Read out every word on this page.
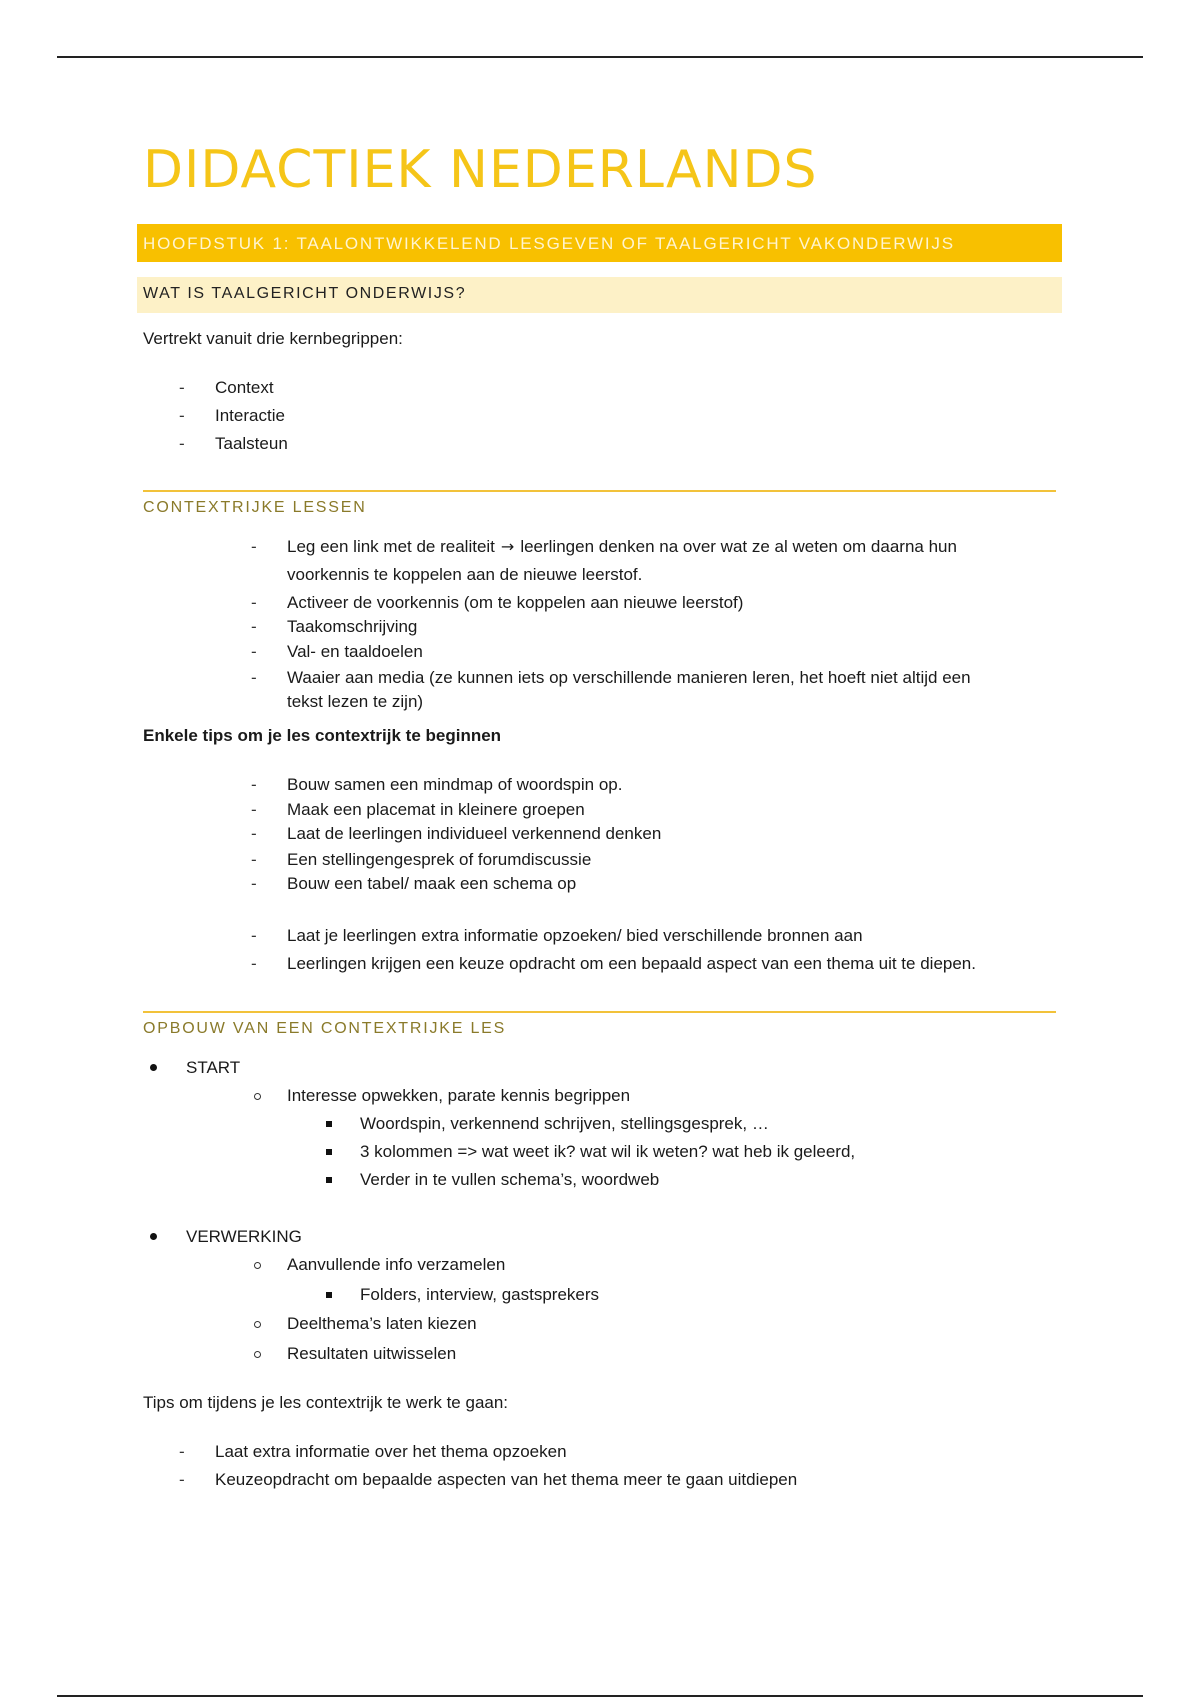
DIDACTIEK NEDERLANDS
HOOFDSTUK 1: TAALONTWIKKELEND LESGEVEN OF TAALGERICHT VAKONDERWIJS
WAT IS TAALGERICHT ONDERWIJS?
Vertrekt vanuit drie kernbegrippen:
- Context
- Interactie
- Taalsteun
CONTEXTRIJKE LESSEN
- Leg een link met de realiteit → leerlingen denken na over wat ze al weten om daarna hun
voorkennis te koppelen aan de nieuwe leerstof.
- Activeer de voorkennis (om te koppelen aan nieuwe leerstof)
- Taakomschrijving
- Val- en taaldoelen
- Waaier aan media (ze kunnen iets op verschillende manieren leren, het hoeft niet altijd een
tekst lezen te zijn)
Enkele tips om je les contextrijk te beginnen
- Bouw samen een mindmap of woordspin op.
- Maak een placemat in kleinere groepen
- Laat de leerlingen individueel verkennend denken
- Een stellingengesprek of forumdiscussie
- Bouw een tabel/ maak een schema op
- Laat je leerlingen extra informatie opzoeken/ bied verschillende bronnen aan
- Leerlingen krijgen een keuze opdracht om een bepaald aspect van een thema uit te diepen.
OPBOUW VAN EEN CONTEXTRIJKE LES
START
Interesse opwekken, parate kennis begrippen
Woordspin, verkennend schrijven, stellingsgesprek, …
3 kolommen => wat weet ik? wat wil ik weten? wat heb ik geleerd,
Verder in te vullen schema’s, woordweb
VERWERKING
Aanvullende info verzamelen
Folders, interview, gastsprekers
Deelthema’s laten kiezen
Resultaten uitwisselen
Tips om tijdens je les contextrijk te werk te gaan:
- Laat extra informatie over het thema opzoeken
- Keuzeopdracht om bepaalde aspecten van het thema meer te gaan uitdiepen
